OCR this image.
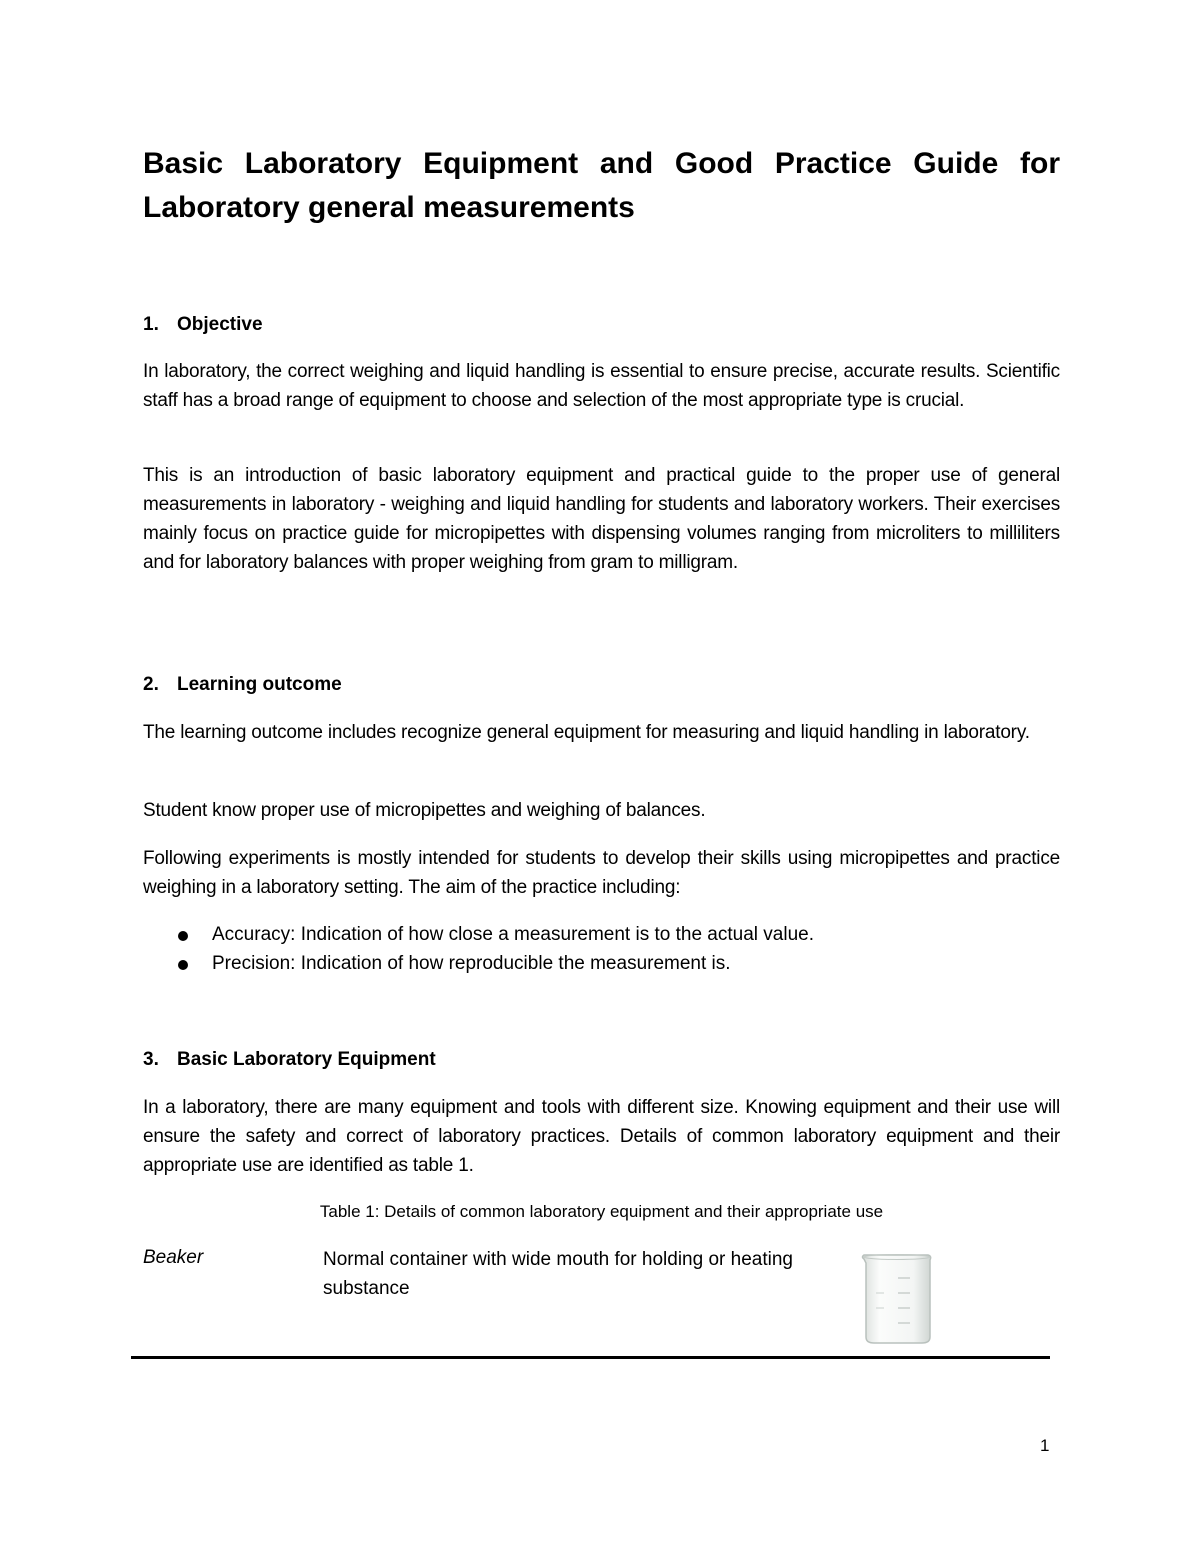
Basic Laboratory Equipment and Good Practice Guide for Laboratory general measurements
1. Objective

In laboratory, the correct weighing and liquid handling is essential to ensure precise, accurate results. Scientific staff has a broad range of equipment to choose and selection of the most appropriate type is crucial.

This is an introduction of basic laboratory equipment and practical guide to the proper use of general measurements in laboratory - weighing and liquid handling for students and laboratory workers. Their exercises mainly focus on practice guide for micropipettes with dispensing volumes ranging from microliters to milliliters and for laboratory balances with proper weighing from gram to milligram.

2. Learning outcome

The learning outcome includes recognize general equipment for measuring and liquid handling in laboratory.

Student know proper use of micropipettes and weighing of balances.

Following experiments is mostly intended for students to develop their skills using micropipettes and practice weighing in a laboratory setting. The aim of the practice including:

Accuracy: Indication of how close a measurement is to the actual value.
Precision: Indication of how reproducible the measurement is.
3. Basic Laboratory Equipment

In a laboratory, there are many equipment and tools with different size. Knowing equipment and their use will ensure the safety and correct of laboratory practices. Details of common laboratory equipment and their appropriate use are identified as table 1.

Table 1: Details of common laboratory equipment and their appropriate use

Beaker	Normal container with wide mouth for holding or heating substance
1
